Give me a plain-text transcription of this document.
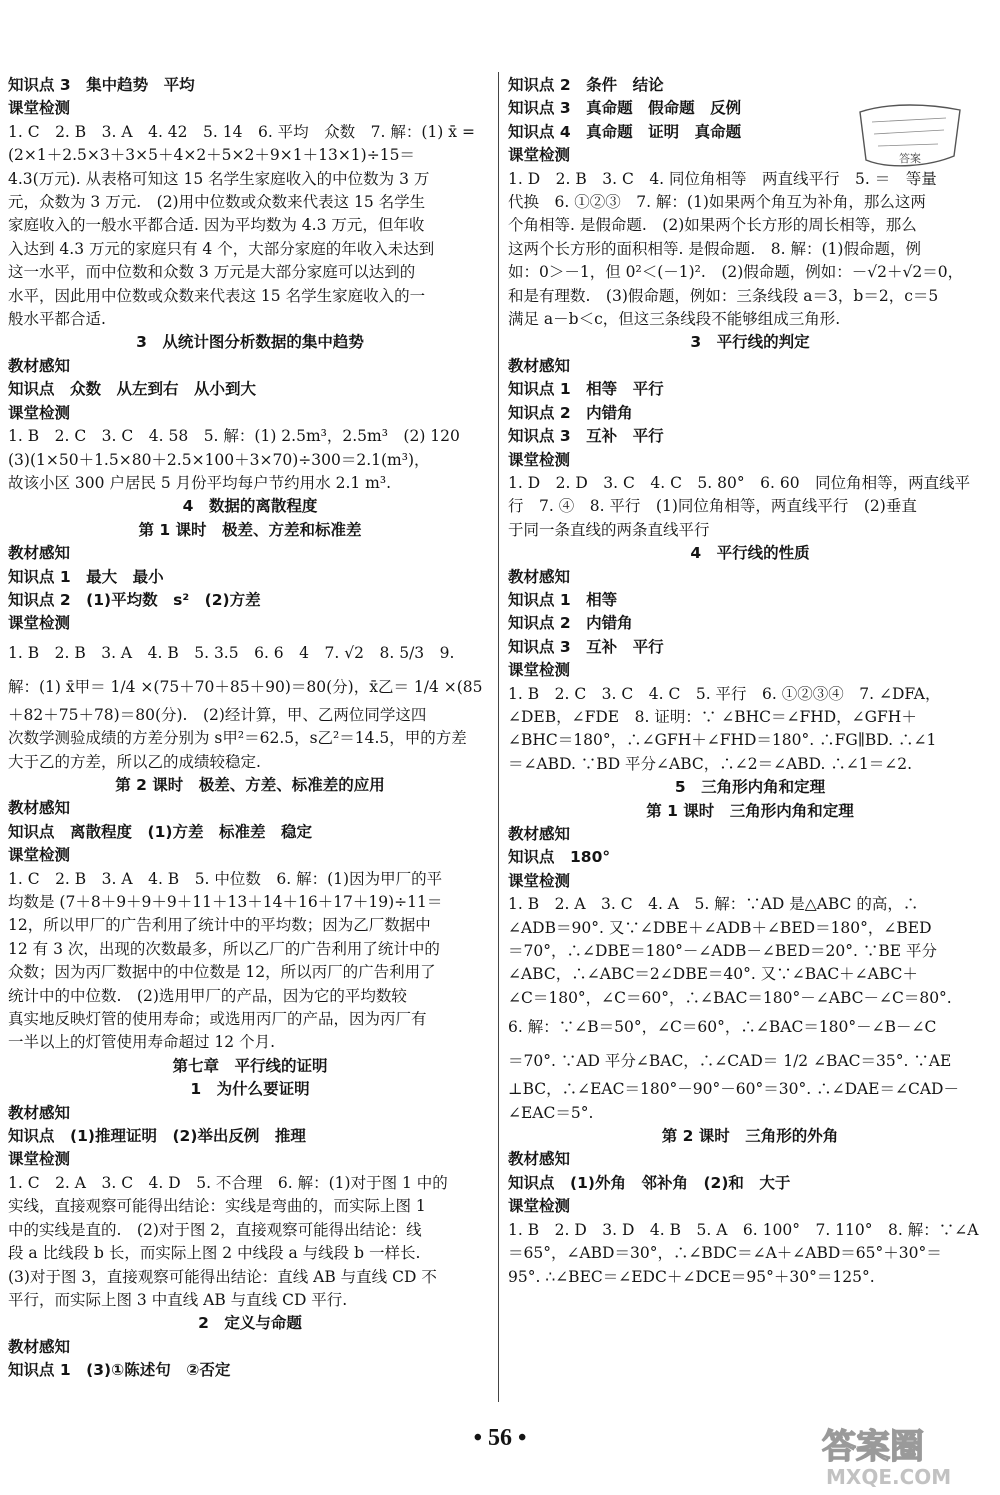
知识点 3　集中趋势　平均
课堂检测
1. C　2. B　3. A　4. 42　5. 14　6. 平均　众数　7. 解：(1) x̄ =
(2×1＋2.5×3＋3×5＋4×2＋5×2＋9×1＋13×1)÷15＝
4.3(万元). 从表格可知这 15 名学生家庭收入的中位数为 3 万
元，众数为 3 万元.　(2)用中位数或众数来代表这 15 名学生
家庭收入的一般水平都合适. 因为平均数为 4.3 万元，但年收
入达到 4.3 万元的家庭只有 4 个，大部分家庭的年收入未达到
这一水平，而中位数和众数 3 万元是大部分家庭可以达到的
水平，因此用中位数或众数来代表这 15 名学生家庭收入的一
般水平都合适.
3　从统计图分析数据的集中趋势
教材感知
知识点　众数　从左到右　从小到大
课堂检测
1. B　2. C　3. C　4. 58　5. 解：(1) 2.5m³，2.5m³　(2) 120
(3)(1×50＋1.5×80＋2.5×100＋3×70)÷300＝2.1(m³)，
故该小区 300 户居民 5 月份平均每户节约用水 2.1 m³.
4　数据的离散程度
第 1 课时　极差、方差和标准差
教材感知
知识点 1　最大　最小
知识点 2　(1)平均数　s²　(2)方差
课堂检测
1. B　2. B　3. A　4. B　5. 3.5　6. 6　4　7. √2　8. 5/3　9.
解：(1) x̄甲＝ 1/4 ×(75＋70＋85＋90)＝80(分)，x̄乙＝ 1/4 ×(85
＋82＋75＋78)＝80(分).　(2)经计算，甲、乙两位同学这四
次数学测验成绩的方差分别为 s甲²＝62.5，s乙²＝14.5，甲的方差
大于乙的方差，所以乙的成绩较稳定.
第 2 课时　极差、方差、标准差的应用
教材感知
知识点　离散程度　(1)方差　标准差　稳定
课堂检测
1. C　2. B　3. A　4. B　5. 中位数　6. 解：(1)因为甲厂的平
均数是 (7＋8＋9＋9＋9＋11＋13＋14＋16＋17＋19)÷11＝
12，所以甲厂的广告利用了统计中的平均数；因为乙厂数据中
12 有 3 次，出现的次数最多，所以乙厂的广告利用了统计中的
众数；因为丙厂数据中的中位数是 12，所以丙厂的广告利用了
统计中的中位数.　(2)选用甲厂的产品，因为它的平均数较
真实地反映灯管的使用寿命；或选用丙厂的产品，因为丙厂有
一半以上的灯管使用寿命超过 12 个月.
第七章　平行线的证明
1　为什么要证明
教材感知
知识点　(1)推理证明　(2)举出反例　推理
课堂检测
1. C　2. A　3. C　4. D　5. 不合理　6. 解：(1)对于图 1 中的
实线，直接观察可能得出结论：实线是弯曲的，而实际上图 1
中的实线是直的.　(2)对于图 2，直接观察可能得出结论：线
段 a 比线段 b 长，而实际上图 2 中线段 a 与线段 b 一样长.
(3)对于图 3，直接观察可能得出结论：直线 AB 与直线 CD 不
平行，而实际上图 3 中直线 AB 与直线 CD 平行.
2　定义与命题
教材感知
知识点 1　(3)①陈述句　②否定
知识点 2　条件　结论
知识点 3　真命题　假命题　反例
知识点 4　真命题　证明　真命题
课堂检测
1. D　2. B　3. C　4. 同位角相等　两直线平行　5. ＝　等量
代换　6. ①②③　7. 解：(1)如果两个角互为补角，那么这两
个角相等. 是假命题.　(2)如果两个长方形的周长相等，那么
这两个长方形的面积相等. 是假命题.　8. 解：(1)假命题，例
如：0＞－1，但 0²＜(－1)².　(2)假命题，例如：－√2＋√2＝0，
和是有理数.　(3)假命题，例如：三条线段 a＝3，b＝2，c＝5
满足 a－b＜c，但这三条线段不能够组成三角形.
3　平行线的判定
教材感知
知识点 1　相等　平行
知识点 2　内错角
知识点 3　互补　平行
课堂检测
1. D　2. D　3. C　4. C　5. 80°　6. 60　同位角相等，两直线平
行　7. ④　8. 平行　(1)同位角相等，两直线平行　(2)垂直
于同一条直线的两条直线平行
4　平行线的性质
教材感知
知识点 1　相等
知识点 2　内错角
知识点 3　互补　平行
课堂检测
1. B　2. C　3. C　4. C　5. 平行　6. ①②③④　7. ∠DFA，
∠DEB，∠FDE　8. 证明：∵ ∠BHC＝∠FHD，∠GFH＋
∠BHC＝180°，∴∠GFH＋∠FHD＝180°. ∴FG∥BD. ∴∠1
＝∠ABD. ∵BD 平分∠ABC，∴∠2＝∠ABD. ∴∠1＝∠2.
5　三角形内角和定理
第 1 课时　三角形内角和定理
教材感知
知识点　180°
课堂检测
1. B　2. A　3. C　4. A　5. 解：∵AD 是△ABC 的高，∴
∠ADB＝90°. 又∵∠DBE＋∠ADB＋∠BED＝180°，∠BED
＝70°，∴∠DBE＝180°－∠ADB－∠BED＝20°. ∵BE 平分
∠ABC，∴∠ABC＝2∠DBE＝40°. 又∵∠BAC＋∠ABC＋
∠C＝180°，∠C＝60°，∴∠BAC＝180°－∠ABC－∠C＝80°.
6. 解：∵∠B＝50°，∠C＝60°，∴∠BAC＝180°－∠B－∠C
＝70°. ∵AD 平分∠BAC，∴∠CAD＝ 1/2 ∠BAC＝35°. ∵AE
⊥BC，∴∠EAC＝180°－90°－60°＝30°. ∴∠DAE＝∠CAD－
∠EAC＝5°.
第 2 课时　三角形的外角
教材感知
知识点　(1)外角　邻补角　(2)和　大于
课堂检测
1. B　2. D　3. D　4. B　5. A　6. 100°　7. 110°　8. 解：∵∠A
＝65°，∠ABD＝30°，∴∠BDC＝∠A＋∠ABD＝65°＋30°＝
95°. ∴∠BEC＝∠EDC＋∠DCE＝95°＋30°＝125°.
答案
• 56 •	答案圈
MXQE.COM
